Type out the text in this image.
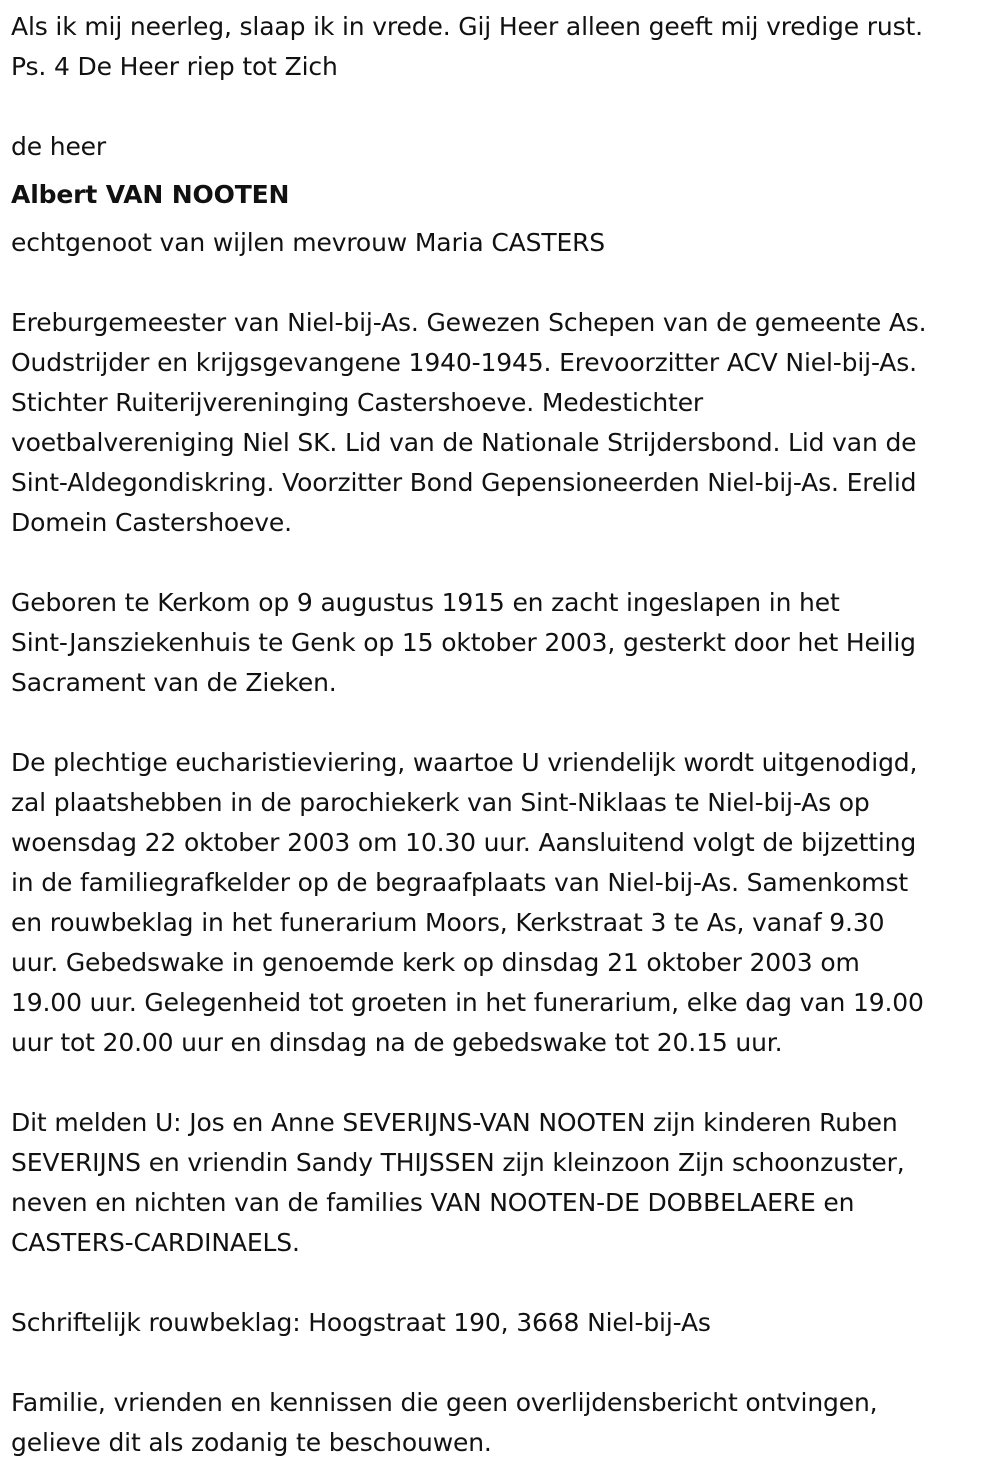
Als ik mij neerleg, slaap ik in vrede. Gij Heer alleen geeft mij vredige rust.

Ps. 4 De Heer riep tot Zich

de heer

Albert VAN NOOTEN

echtgenoot van wijlen mevrouw Maria CASTERS

Ereburgemeester van Niel-bij-As. Gewezen Schepen van de gemeente As.

Oudstrijder en krijgsgevangene 1940-1945. Erevoorzitter ACV Niel-bij-As.

Stichter Ruiterijvereninging Castershoeve. Medestichter

voetbalvereniging Niel SK. Lid van de Nationale Strijdersbond. Lid van de

Sint-Aldegondiskring. Voorzitter Bond Gepensioneerden Niel-bij-As. Erelid

Domein Castershoeve.

Geboren te Kerkom op 9 augustus 1915 en zacht ingeslapen in het

Sint-Jansziekenhuis te Genk op 15 oktober 2003, gesterkt door het Heilig

Sacrament van de Zieken.

De plechtige eucharistieviering, waartoe U vriendelijk wordt uitgenodigd,

zal plaatshebben in de parochiekerk van Sint-Niklaas te Niel-bij-As op

woensdag 22 oktober 2003 om 10.30 uur. Aansluitend volgt de bijzetting

in de familiegrafkelder op de begraafplaats van Niel-bij-As. Samenkomst

en rouwbeklag in het funerarium Moors, Kerkstraat 3 te As, vanaf 9.30

uur. Gebedswake in genoemde kerk op dinsdag 21 oktober 2003 om

19.00 uur. Gelegenheid tot groeten in het funerarium, elke dag van 19.00

uur tot 20.00 uur en dinsdag na de gebedswake tot 20.15 uur.

Dit melden U: Jos en Anne SEVERIJNS-VAN NOOTEN zijn kinderen Ruben

SEVERIJNS en vriendin Sandy THIJSSEN zijn kleinzoon Zijn schoonzuster,

neven en nichten van de families VAN NOOTEN-DE DOBBELAERE en

CASTERS-CARDINAELS.

Schriftelijk rouwbeklag: Hoogstraat 190, 3668 Niel-bij-As

Familie, vrienden en kennissen die geen overlijdensbericht ontvingen,

gelieve dit als zodanig te beschouwen.
